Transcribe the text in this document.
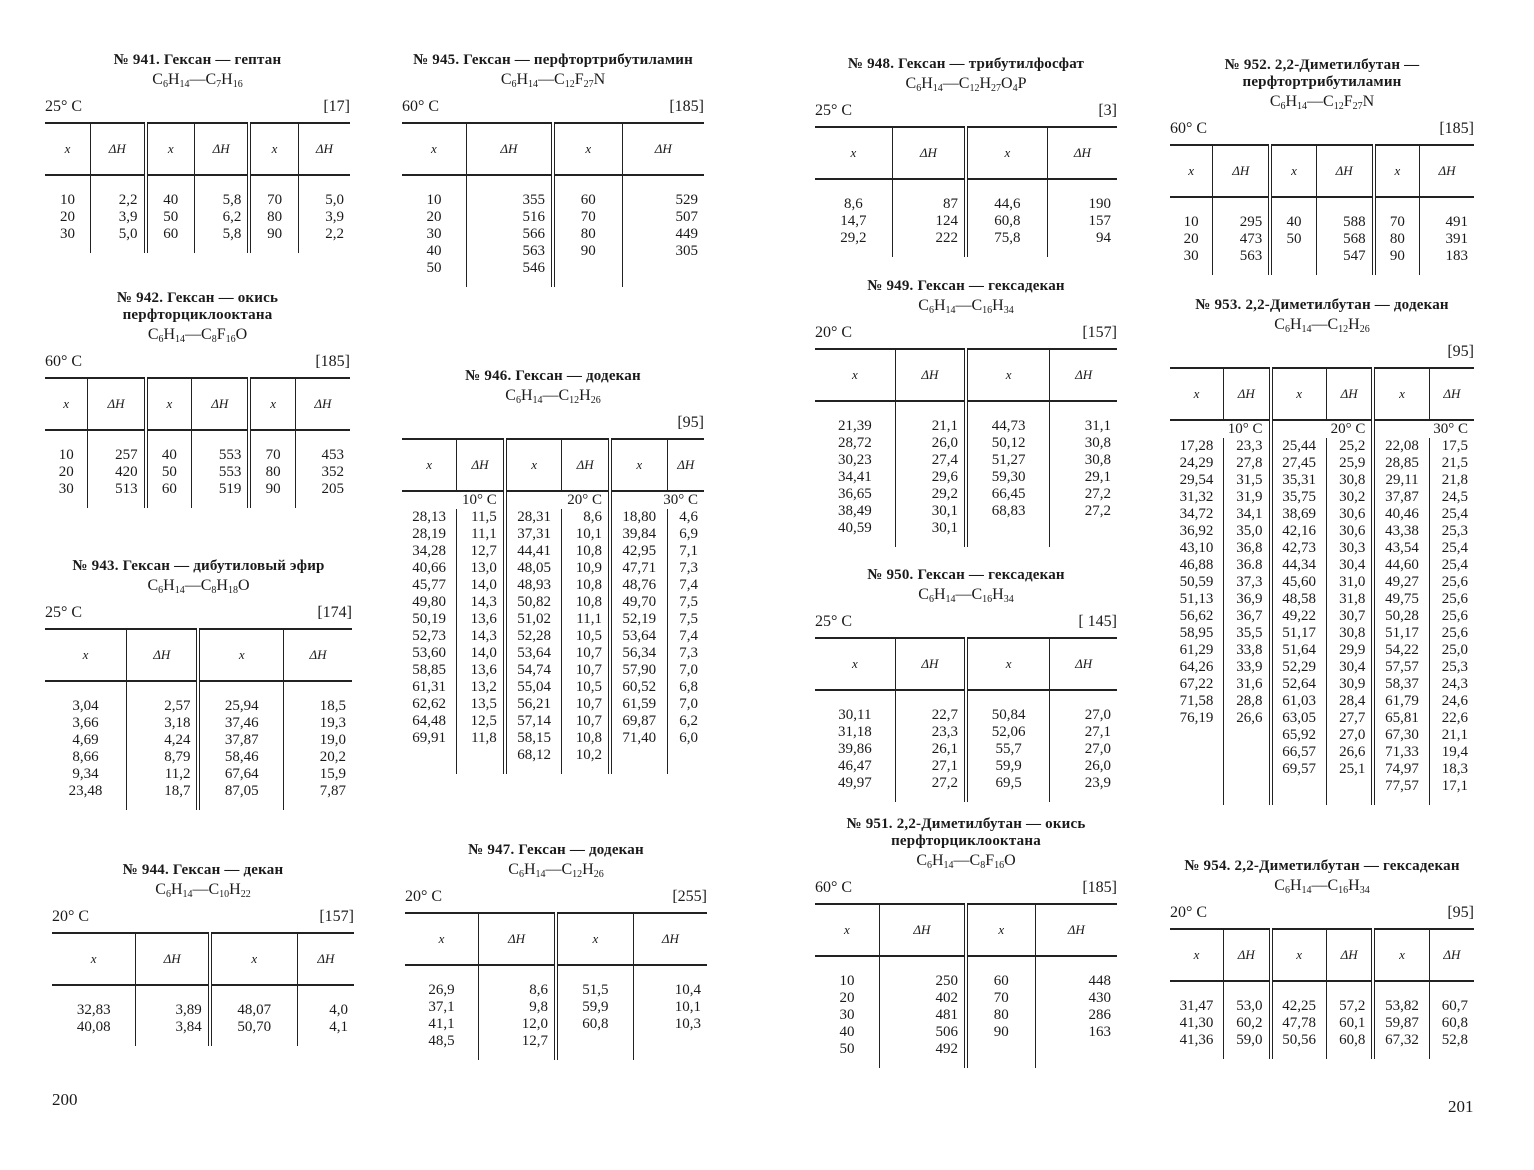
№ 941. Гексан — гептан
$C_6H_{14}—C_7H_{16}$
25° C	[17]
x	ΔH	x	ΔH	x	ΔH
10	2,2	40	5,8	70	5,0
20	3,9	50	6,2	80	3,9
30	5,0	60	5,8	90	2,2
№ 942. Гексан — окись перфторциклооктана
$C_6H_{14}—C_8F_{16}O$
60° C	[185]
x	ΔH	x	ΔH	x	ΔH
10	257	40	553	70	453
20	420	50	553	80	352
30	513	60	519	90	205
№ 943. Гексан — дибутиловый эфир
$C_6H_{14}—C_8H_{18}O$
25° C	[174]
x	ΔH	x	ΔH
3,04	2,57	25,94	18,5
3,66	3,18	37,46	19,3
4,69	4,24	37,87	19,0
8,66	8,79	58,46	20,2
9,34	11,2	67,64	15,9
23,48	18,7	87,05	7,87
№ 944. Гексан — декан
$C_6H_{14}—C_{10}H_{22}$
20° C	[157]
x	ΔH	x	ΔH
32,83	3,89	48,07	4,0
40,08	3,84	50,70	4,1
№ 945. Гексан — перфтортрибутиламин
$C_6H_{14}—C_{12}F_{27}N$
60° C	[185]
x	ΔH	x	ΔH
10	355	60	529
20	516	70	507
30	566	80	449
40	563	90	305
50	546		
№ 946. Гексан — додекан
$C_6H_{14}—C_{12}H_{26}$
[95]
x	ΔH	x	ΔH	x	ΔH
10° C		20° C		30° C	
28,13	11,5	28,31	8,6	18,80	4,6
28,19	11,1	37,31	10,1	39,84	6,9
34,28	12,7	44,41	10,8	42,95	7,1
40,66	13,0	48,05	10,9	47,71	7,3
45,77	14,0	48,93	10,8	48,76	7,4
49,80	14,3	50,82	10,8	49,70	7,5
50,19	13,6	51,02	11,1	52,19	7,5
52,73	14,3	52,28	10,5	53,64	7,4
53,60	14,0	53,64	10,7	56,34	7,3
58,85	13,6	54,74	10,7	57,90	7,0
61,31	13,2	55,04	10,5	60,52	6,8
62,62	13,5	56,21	10,7	61,59	7,0
64,48	12,5	57,14	10,7	69,87	6,2
69,91	11,8	58,15	10,8	71,40	6,0
		68,12	10,2		
№ 947. Гексан — додекан
$C_6H_{14}—C_{12}H_{26}$
20° C	[255]
x	ΔH	x	ΔH
26,9	8,6	51,5	10,4
37,1	9,8	59,9	10,1
41,1	12,0	60,8	10,3
48,5	12,7		
№ 948. Гексан — трибутилфосфат
$C_6H_{14}—C_{12}H_{27}O_4P$
25° C	[3]
x	ΔH	x	ΔH
8,6	87	44,6	190
14,7	124	60,8	157
29,2	222	75,8	94
№ 949. Гексан — гексадекан
$C_6H_{14}—C_{16}H_{34}$
20° C	[157]
x	ΔH	x	ΔH
21,39	21,1	44,73	31,1
28,72	26,0	50,12	30,8
30,23	27,4	51,27	30,8
34,41	29,6	59,30	29,1
36,65	29,2	66,45	27,2
38,49	30,1	68,83	27,2
40,59	30,1		
№ 950. Гексан — гексадекан
$C_6H_{14}—C_{16}H_{34}$
25° C	[ 145]
x	ΔH	x	ΔH
30,11	22,7	50,84	27,0
31,18	23,3	52,06	27,1
39,86	26,1	55,7	27,0
46,47	27,1	59,9	26,0
49,97	27,2	69,5	23,9
№ 951. 2,2-Диметилбутан — окись перфторциклооктана
$C_6H_{14}—C_8F_{16}O$
60° C	[185]
x	ΔH	x	ΔH
10	250	60	448
20	402	70	430
30	481	80	286
40	506	90	163
50	492		
№ 952. 2,2-Диметилбутан — перфтортрибутиламин
$C_6H_{14}—C_{12}F_{27}N$
60° C	[185]
x	ΔH	x	ΔH	x	ΔH
10	295	40	588	70	491
20	473	50	568	80	391
30	563		547	90	183
№ 953. 2,2-Диметилбутан — додекан
$C_6H_{14}—C_{12}H_{26}$
[95]
x	ΔH	x	ΔH	x	ΔH
10° C		20° C		30° C	
17,28	23,3	25,44	25,2	22,08	17,5
24,29	27,8	27,45	25,9	28,85	21,5
29,54	31,5	35,31	30,8	29,11	21,8
31,32	31,9	35,75	30,2	37,87	24,5
34,72	34,1	38,69	30,6	40,46	25,4
36,92	35,0	42,16	30,6	43,38	25,3
43,10	36,8	42,73	30,3	43,54	25,4
46,88	36.8	44,34	30,4	44,60	25,4
50,59	37,3	45,60	31,0	49,27	25,6
51,13	36,9	48,58	31,8	49,75	25,6
56,62	36,7	49,22	30,7	50,28	25,6
58,95	35,5	51,17	30,8	51,17	25,6
61,29	33,8	51,64	29,9	54,22	25,0
64,26	33,9	52,29	30,4	57,57	25,3
67,22	31,6	52,64	30,9	58,37	24,3
71,58	28,8	61,03	28,4	61,79	24,6
76,19	26,6	63,05	27,7	65,81	22,6
		65,92	27,0	67,30	21,1
		66,57	26,6	71,33	19,4
		69,57	25,1	74,97	18,3
				77,57	17,1
№ 954. 2,2-Диметилбутан — гексадекан
$C_6H_{14}—C_{16}H_{34}$
20° C	[95]
x	ΔH	x	ΔH	x	ΔH
31,47	53,0	42,25	57,2	53,82	60,7
41,30	60,2	47,78	60,1	59,87	60,8
41,36	59,0	50,56	60,8	67,32	52,8
200	201
